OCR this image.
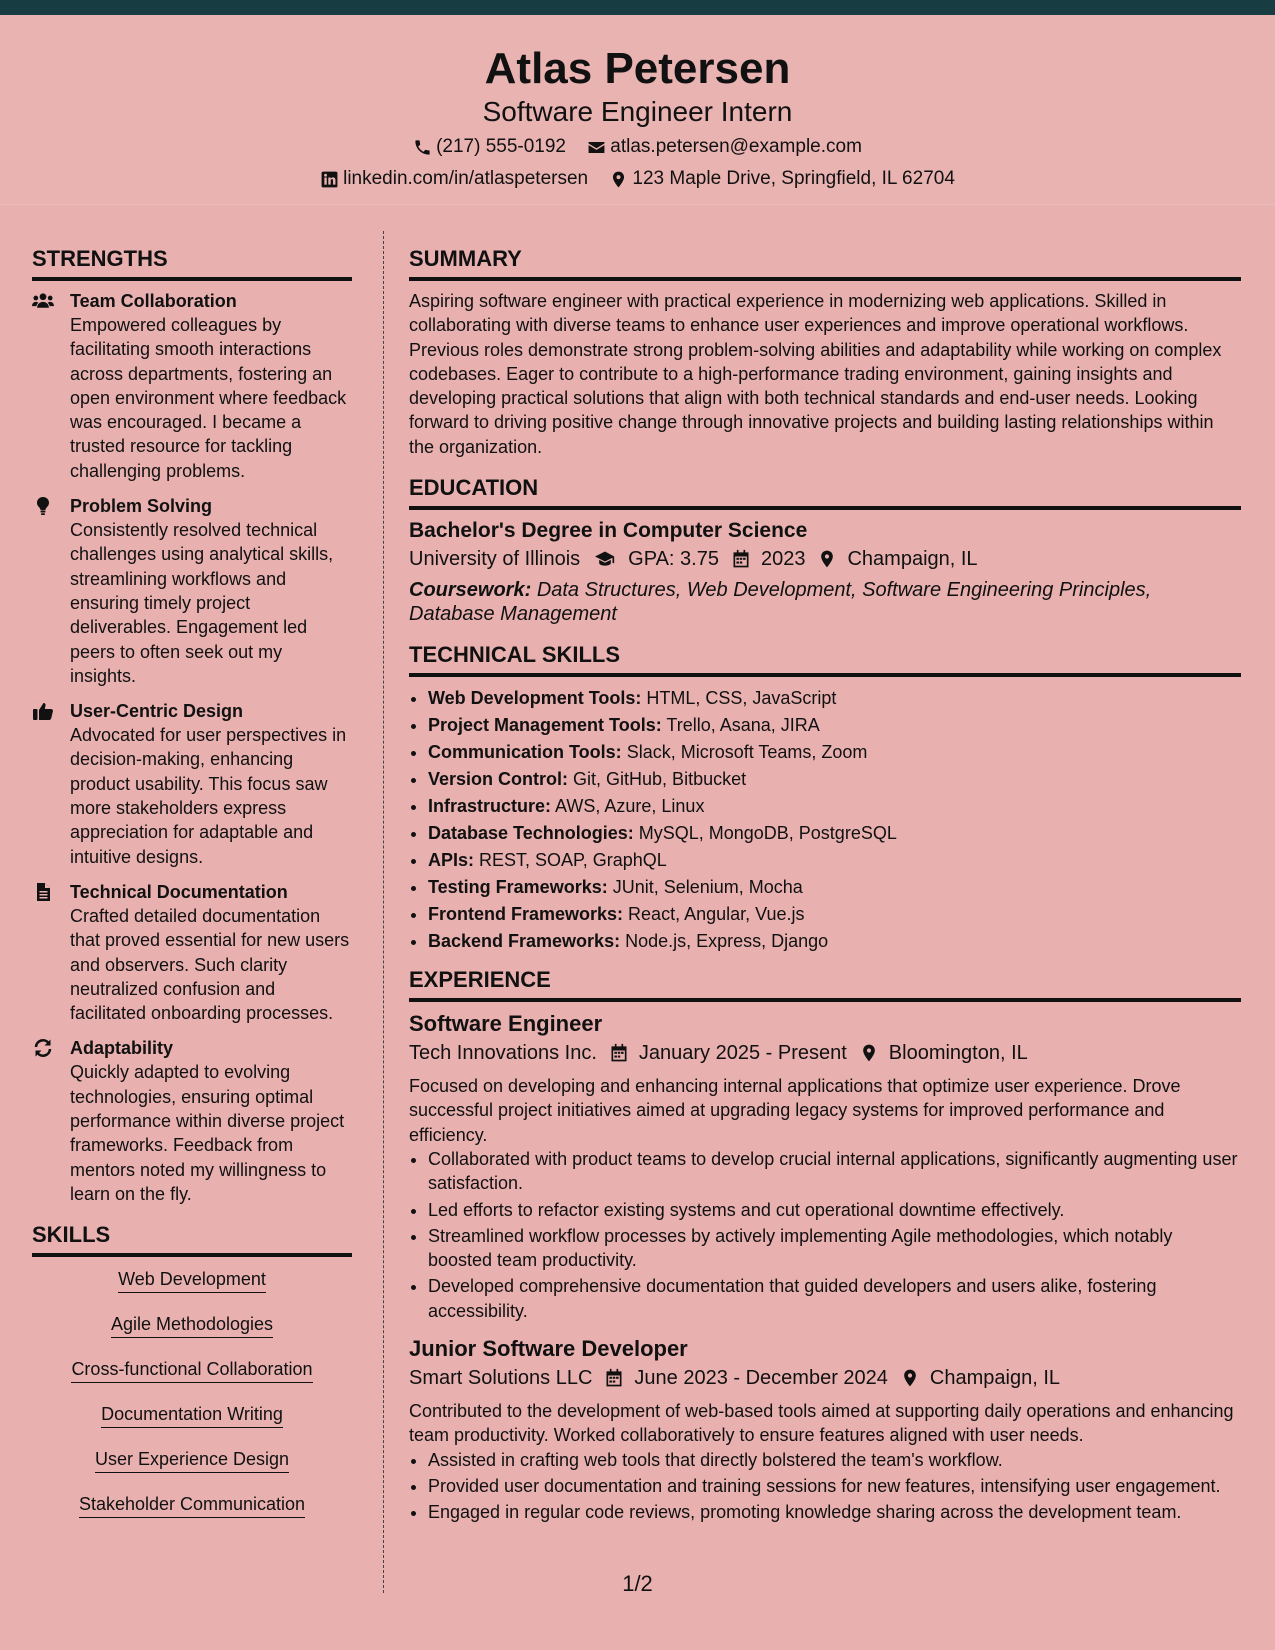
Atlas Petersen
Software Engineer Intern
(217) 555-0192
atlas.petersen@example.com
linkedin.com/in/atlaspetersen
123 Maple Drive, Springfield, IL 62704
STRENGTHS
Team Collaboration
Empowered colleagues by facilitating smooth interactions across departments, fostering an open environment where feedback was encouraged. I became a trusted resource for tackling challenging problems.
Problem Solving
Consistently resolved technical challenges using analytical skills, streamlining workflows and ensuring timely project deliverables. Engagement led peers to often seek out my insights.
User-Centric Design
Advocated for user perspectives in decision-making, enhancing product usability. This focus saw more stakeholders express appreciation for adaptable and intuitive designs.
Technical Documentation
Crafted detailed documentation that proved essential for new users and observers. Such clarity neutralized confusion and facilitated onboarding processes.
Adaptability
Quickly adapted to evolving technologies, ensuring optimal performance within diverse project frameworks. Feedback from mentors noted my willingness to learn on the fly.
SKILLS
Web Development
Agile Methodologies
Cross-functional Collaboration
Documentation Writing
User Experience Design
Stakeholder Communication
SUMMARY
Aspiring software engineer with practical experience in modernizing web applications. Skilled in collaborating with diverse teams to enhance user experiences and improve operational workflows. Previous roles demonstrate strong problem-solving abilities and adaptability while working on complex codebases. Eager to contribute to a high-performance trading environment, gaining insights and developing practical solutions that align with both technical standards and end-user needs. Looking forward to driving positive change through innovative projects and building lasting relationships within the organization.
EDUCATION
Bachelor's Degree in Computer Science
University of Illinois GPA: 3.75 2023 Champaign, IL
Coursework: Data Structures, Web Development, Software Engineering Principles, Database Management
TECHNICAL SKILLS
• Web Development Tools: HTML, CSS, JavaScript
• Project Management Tools: Trello, Asana, JIRA
• Communication Tools: Slack, Microsoft Teams, Zoom
• Version Control: Git, GitHub, Bitbucket
• Infrastructure: AWS, Azure, Linux
• Database Technologies: MySQL, MongoDB, PostgreSQL
• APIs: REST, SOAP, GraphQL
• Testing Frameworks: JUnit, Selenium, Mocha
• Frontend Frameworks: React, Angular, Vue.js
• Backend Frameworks: Node.js, Express, Django
EXPERIENCE
Software Engineer
Tech Innovations Inc. January 2025 - Present Bloomington, IL
Focused on developing and enhancing internal applications that optimize user experience. Drove successful project initiatives aimed at upgrading legacy systems for improved performance and efficiency.
• Collaborated with product teams to develop crucial internal applications, significantly augmenting user satisfaction.
• Led efforts to refactor existing systems and cut operational downtime effectively.
• Streamlined workflow processes by actively implementing Agile methodologies, which notably boosted team productivity.
• Developed comprehensive documentation that guided developers and users alike, fostering accessibility.
Junior Software Developer
Smart Solutions LLC June 2023 - December 2024 Champaign, IL
Contributed to the development of web-based tools aimed at supporting daily operations and enhancing team productivity. Worked collaboratively to ensure features aligned with user needs.
• Assisted in crafting web tools that directly bolstered the team's workflow.
• Provided user documentation and training sessions for new features, intensifying user engagement.
• Engaged in regular code reviews, promoting knowledge sharing across the development team.
1/2
